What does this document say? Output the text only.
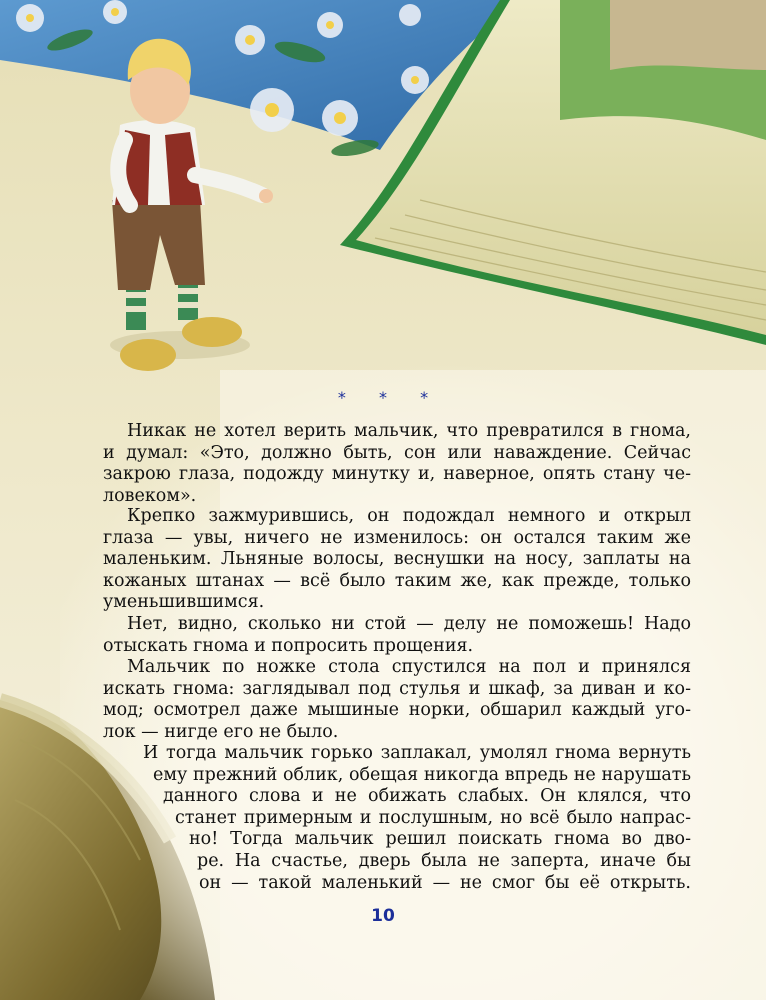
* * *
Никак не хотел верить мальчик, что превратился в гнома,
и думал: «Это, должно быть, сон или наваждение. Сейчас
закрою глаза, подожду минутку и, наверное, опять стану че-
ловеком».
Крепко зажмурившись, он подождал немного и открыл
глаза — увы, ничего не изменилось: он остался таким же
маленьким. Льняные волосы, веснушки на носу, заплаты на
кожаных штанах — всё было таким же, как прежде, только
уменьшившимся.
Нет, видно, сколько ни стой — делу не поможешь! Надо
отыскать гнома и попросить прощения.
Мальчик по ножке стола спустился на пол и принялся
искать гнома: заглядывал под стулья и шкаф, за диван и ко-
мод; осмотрел даже мышиные норки, обшарил каждый уго-
лок — нигде его не было.
И тогда мальчик горько заплакал, умолял гнома вернуть
ему прежний облик, обещая никогда впредь не нарушать
данного слова и не обижать слабых. Он клялся, что
станет примерным и послушным, но всё было напрас-
но! Тогда мальчик решил поискать гнома во дво-
ре. На счастье, дверь была не заперта, иначе бы
он — такой маленький — не смог бы её открыть.
10
